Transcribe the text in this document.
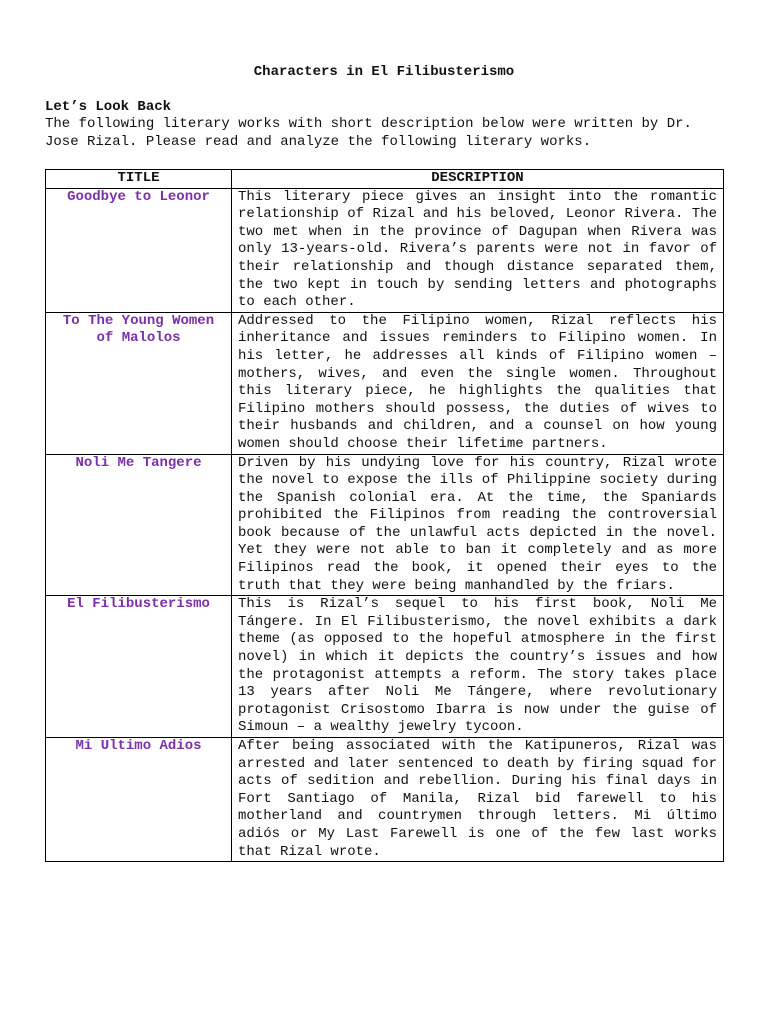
Characters in El Filibusterismo
Let’s Look Back

The following literary works with short description below were written by Dr. Jose Rizal. Please read and analyze the following literary works.

TITLE	DESCRIPTION
Goodbye to Leonor	This literary piece gives an insight into the romantic relationship of Rizal and his beloved, Leonor Rivera. The two met when in the province of Dagupan when Rivera was only 13-years-old. Rivera’s parents were not in favor of their relationship and though distance separated them, the two kept in touch by sending letters and photographs to each other.
To The Young Women of Malolos	Addressed to the Filipino women, Rizal reflects his inheritance and issues reminders to Filipino women. In his letter, he addresses all kinds of Filipino women – mothers, wives, and even the single women. Throughout this literary piece, he highlights the qualities that Filipino mothers should possess, the duties of wives to their husbands and children, and a counsel on how young women should choose their lifetime partners.
Noli Me Tangere	Driven by his undying love for his country, Rizal wrote the novel to expose the ills of Philippine society during the Spanish colonial era. At the time, the Spaniards prohibited the Filipinos from reading the controversial book because of the unlawful acts depicted in the novel. Yet they were not able to ban it completely and as more Filipinos read the book, it opened their eyes to the truth that they were being manhandled by the friars.
El Filibusterismo	This is Rizal’s sequel to his first book, Noli Me Tángere. In El Filibusterismo, the novel exhibits a dark theme (as opposed to the hopeful atmosphere in the first novel) in which it depicts the country’s issues and how the protagonist attempts a reform. The story takes place 13 years after Noli Me Tángere, where revolutionary protagonist Crisostomo Ibarra is now under the guise of Simoun – a wealthy jewelry tycoon.
Mi Ultimo Adios	After being associated with the Katipuneros, Rizal was arrested and later sentenced to death by firing squad for acts of sedition and rebellion. During his final days in Fort Santiago of Manila, Rizal bid farewell to his motherland and countrymen through letters. Mi último adiós or My Last Farewell is one of the few last works that Rizal wrote.
